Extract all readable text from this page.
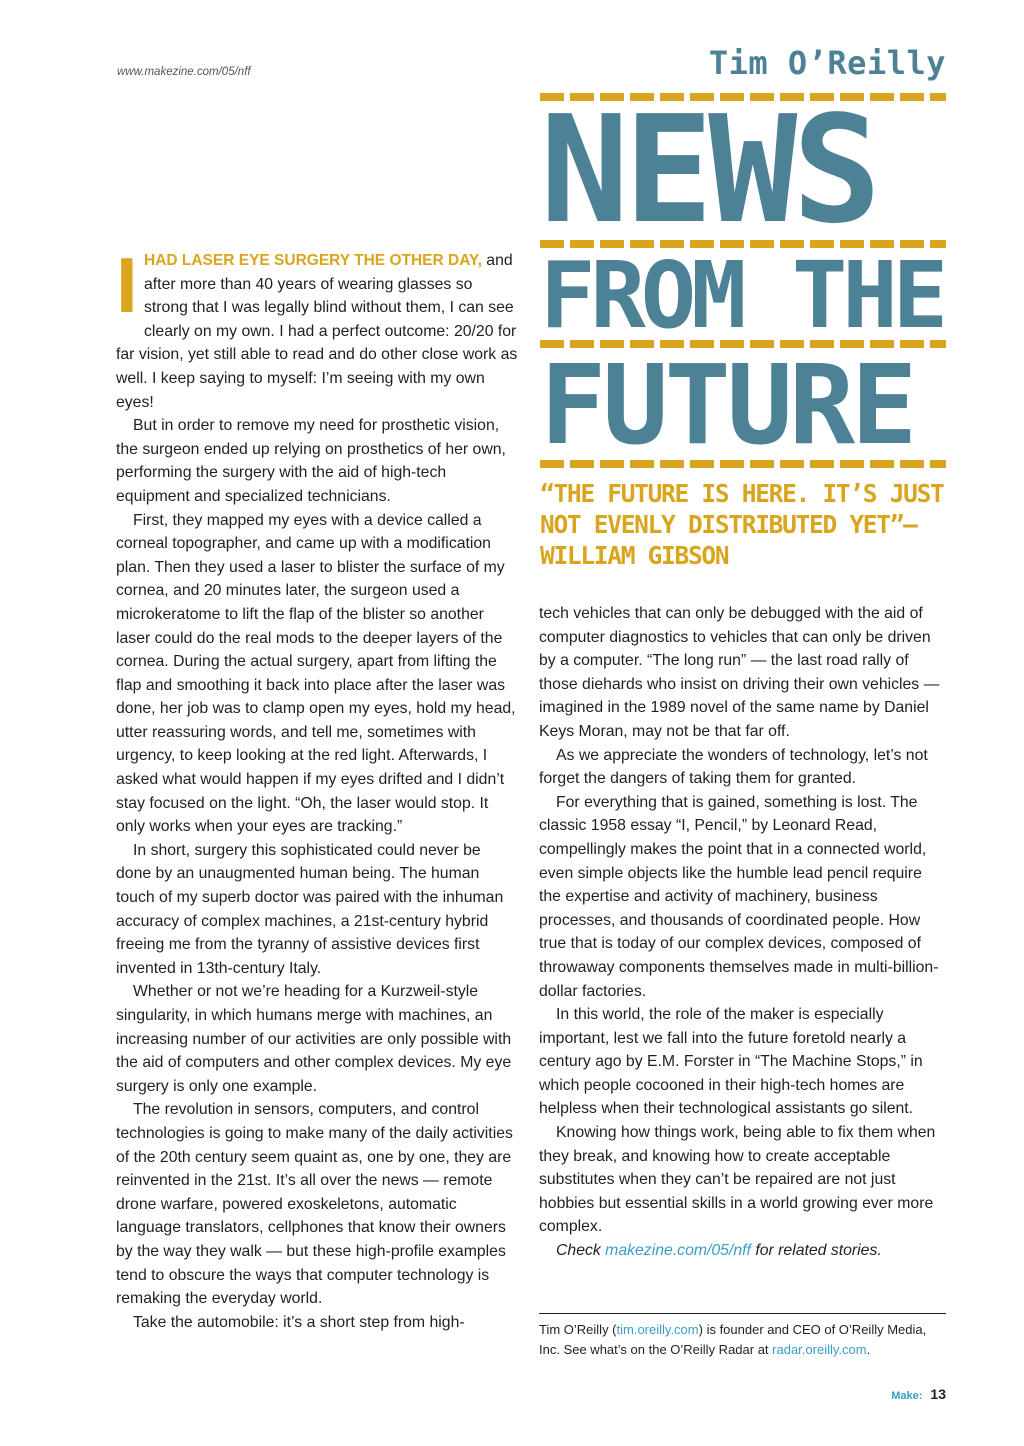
www.makezine.com/05/nff	Tim O’Reilly
NEWS
FROM THE
FUTURE
“THE FUTURE IS HERE. IT’S JUST NOT EVENLY DISTRIBUTED YET”— WILLIAM GIBSON

IHAD LASER EYE SURGERY THE OTHER DAY, and after more than 40 years of wearing glasses so strong that I was legally blind without them, I can see clearly on my own. I had a perfect outcome: 20/20 for far vision, yet still able to read and do other close work as well. I keep saying to myself: I’m seeing with my own eyes!

But in order to remove my need for prosthetic vision, the surgeon ended up relying on prosthetics of her own, performing the surgery with the aid of high-tech equipment and specialized technicians.

First, they mapped my eyes with a device called a corneal topographer, and came up with a modification plan. Then they used a laser to blister the surface of my cornea, and 20 minutes later, the surgeon used a microkeratome to lift the flap of the blister so another laser could do the real mods to the deeper layers of the cornea. During the actual surgery, apart from lifting the flap and smoothing it back into place after the laser was done, her job was to clamp open my eyes, hold my head, utter reassuring words, and tell me, sometimes with urgency, to keep looking at the red light. Afterwards, I asked what would happen if my eyes drifted and I didn’t stay focused on the light. “Oh, the laser would stop. It only works when your eyes are tracking.”

In short, surgery this sophisticated could never be done by an unaugmented human being. The human touch of my superb doctor was paired with the inhuman accuracy of complex machines, a 21st-century hybrid freeing me from the tyranny of assistive devices first invented in 13th-century Italy.

Whether or not we’re heading for a Kurzweil-style singularity, in which humans merge with machines, an increasing number of our activities are only possible with the aid of computers and other complex devices. My eye surgery is only one example.

The revolution in sensors, computers, and control technologies is going to make many of the daily activities of the 20th century seem quaint as, one by one, they are reinvented in the 21st. It’s all over the news — remote drone warfare, powered exoskeletons, automatic language translators, cellphones that know their owners by the way they walk — but these high-profile examples tend to obscure the ways that computer technology is remaking the everyday world.

Take the automobile: it’s a short step from high-

tech vehicles that can only be debugged with the aid of computer diagnostics to vehicles that can only be driven by a computer. “The long run” — the last road rally of those diehards who insist on driving their own vehicles — imagined in the 1989 novel of the same name by Daniel Keys Moran, may not be that far off.

As we appreciate the wonders of technology, let’s not forget the dangers of taking them for granted.

For everything that is gained, something is lost. The classic 1958 essay “I, Pencil,” by Leonard Read, compellingly makes the point that in a connected world, even simple objects like the humble lead pencil require the expertise and activity of machinery, business processes, and thousands of coordinated people. How true that is today of our complex devices, composed of throwaway components themselves made in multi-billion-dollar factories.

In this world, the role of the maker is especially important, lest we fall into the future foretold nearly a century ago by E.M. Forster in “The Machine Stops,” in which people cocooned in their high-tech homes are helpless when their technological assistants go silent.

Knowing how things work, being able to fix them when they break, and knowing how to create acceptable substitutes when they can’t be repaired are not just hobbies but essential skills in a world growing ever more complex.

Check makezine.com/05/nff for related stories.

Tim O’Reilly (tim.oreilly.com) is founder and CEO of O’Reilly Media, Inc. See what’s on the O’Reilly Radar at radar.oreilly.com.
Make: 13
